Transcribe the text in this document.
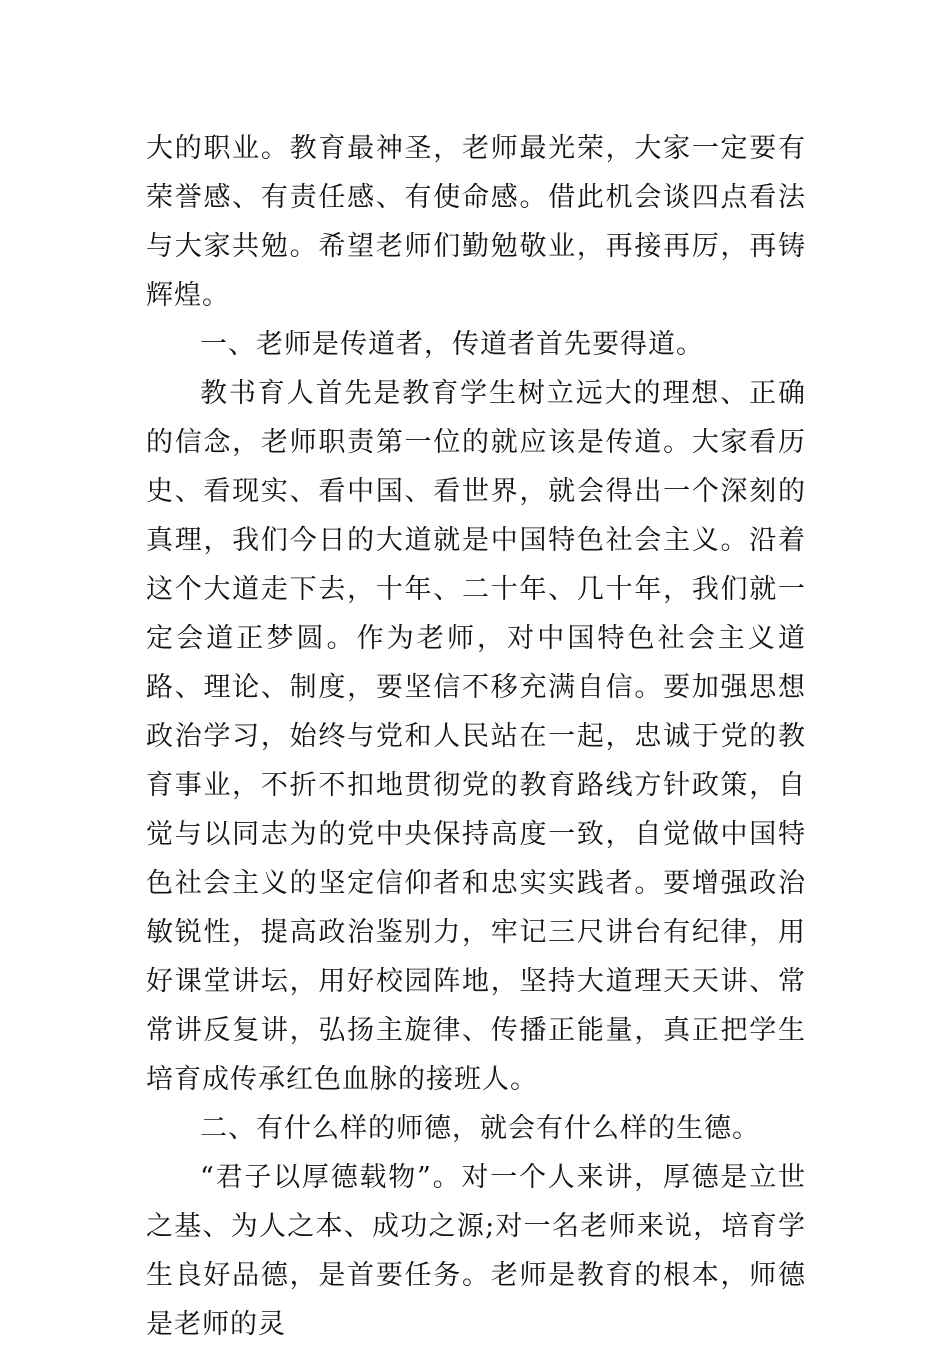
大的职业。教育最神圣，老师最光荣，大家一定要有荣誉感、有责任感、有使命感。借此机会谈四点看法与大家共勉。希望老师们勤勉敬业，再接再厉，再铸辉煌。

一、老师是传道者，传道者首先要得道。

教书育人首先是教育学生树立远大的理想、正确的信念，老师职责第一位的就应该是传道。大家看历史、看现实、看中国、看世界，就会得出一个深刻的真理，我们今日的大道就是中国特色社会主义。沿着这个大道走下去，十年、二十年、几十年，我们就一定会道正梦圆。作为老师，对中国特色社会主义道路、理论、制度，要坚信不移充满自信。要加强思想政治学习，始终与党和人民站在一起，忠诚于党的教育事业，不折不扣地贯彻党的教育路线方针政策，自觉与以同志为的党中央保持高度一致，自觉做中国特色社会主义的坚定信仰者和忠实实践者。要增强政治敏锐性，提高政治鉴别力，牢记三尺讲台有纪律，用好课堂讲坛，用好校园阵地，坚持大道理天天讲、常常讲反复讲，弘扬主旋律、传播正能量，真正把学生培育成传承红色血脉的接班人。

二、有什么样的师德，就会有什么样的生德。

“君子以厚德载物”。对一个人来讲，厚德是立世之基、为人之本、成功之源;对一名老师来说，培育学生良好品德，是首要任务。老师是教育的根本，师德是老师的灵
